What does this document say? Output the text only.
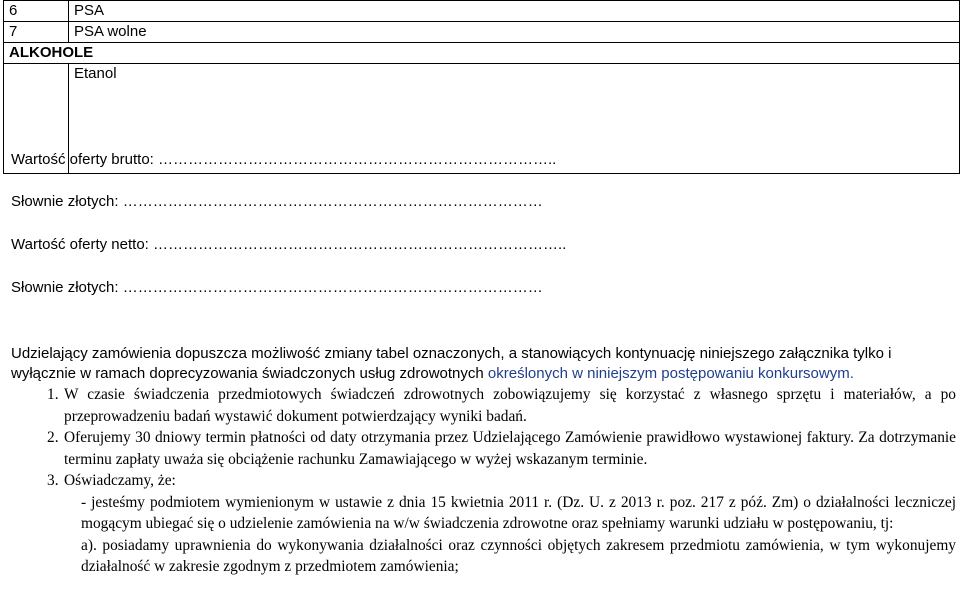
6	PSA
7	PSA wolne
ALKOHOLE	
	Etanol
Wartość oferty brutto: ……………………………………………………………………..
Słownie złotych: …………………………………………………………………………
Wartość oferty netto: ………………………………………………………………………..
Słownie złotych: …………………………………………………………………………

Udzielający zamówienia dopuszcza możliwość zmiany tabel oznaczonych, a stanowiących kontynuację niniejszego załącznika tylko i wyłącznie w ramach doprecyzowania świadczonych usług zdrowotnych określonych w niniejszym postępowaniu konkursowym.

1. W czasie świadczenia przedmiotowych świadczeń zdrowotnych zobowiązujemy się korzystać z własnego sprzętu i materiałów, a po przeprowadzeniu badań wystawić dokument potwierdzający wyniki badań.

2. Oferujemy 30 dniowy termin płatności od daty otrzymania przez Udzielającego Zamówienie prawidłowo wystawionej faktury. Za dotrzymanie terminu zapłaty uważa się obciążenie rachunku Zamawiającego w wyżej wskazanym terminie.

3. Oświadczamy, że:

- jesteśmy podmiotem wymienionym w ustawie z dnia 15 kwietnia 2011 r. (Dz. U. z 2013 r. poz. 217 z póź. Zm) o działalności leczniczej mogącym ubiegać się o udzielenie zamówienia na w/w świadczenia zdrowotne oraz spełniamy warunki udziału w postępowaniu, tj:

a). posiadamy uprawnienia do wykonywania działalności oraz czynności objętych zakresem przedmiotu zamówienia, w tym wykonujemy działalność w zakresie zgodnym z przedmiotem zamówienia;
